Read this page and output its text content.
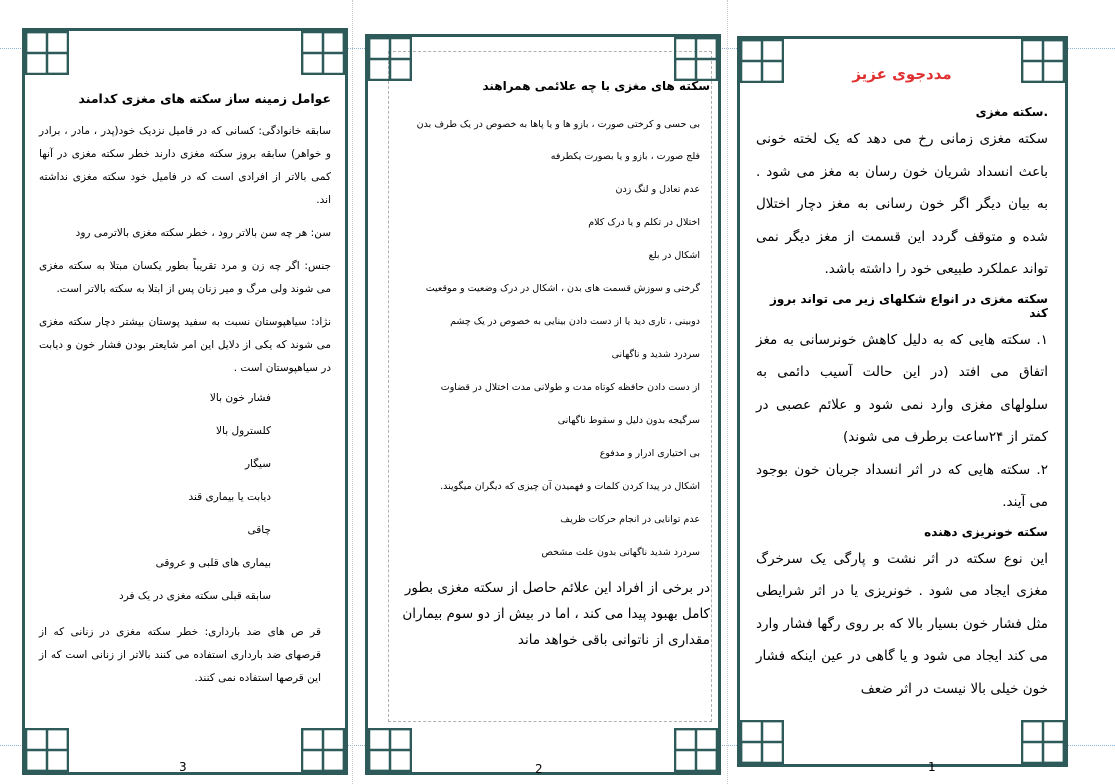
عوامل زمینه ساز سکته های مغزی کدامند
سابقه خانوادگی: کسانی که در فامیل نزدیک خود(پدر ، مادر ، برادر و خواهر) سابقه بروز سکته مغزی دارند خطر سکته مغزی در آنها کمی بالاتر از افرادی است که در فامیل خود سکته مغزی نداشته اند.
سن: هر چه سن بالاتر رود ، خطر سکته مغزی بالاترمی رود
جنس: اگر چه زن و مرد تقریباً بطور یکسان مبتلا به سکته مغزی می شوند ولی مرگ و میر زنان پس از ابتلا به سکته بالاتر است.
نژاد: سیاهپوستان نسبت به سفید پوستان بیشتر دچار سکته مغزی می شوند که یکی از دلایل این امر شایعتر بودن فشار خون و دیابت در سیاهپوستان است .
فشار خون بالا
کلسترول بالا
سیگار
دیابت یا بیماری قند
چاقی
بیماری های قلبی و عروقی
سابقه قبلی سکته مغزی در یک فرد
قر ص های ضد بارداری: خطر سکته مغزی در زنانی که از قرصهای ضد بارداری استفاده می کنند بالاتر از زنانی است که از این قرصها استفاده نمی کنند.
3
سکته های مغزی با چه علائمی همراهند
بی حسی و کرختی صورت ، بازو ها و یا پاها به خصوص در یک طرف بدن
فلج صورت ، بازو و یا بصورت یکطرفه
عدم تعادل و لنگ زدن
اختلال در تکلم و یا درک کلام
اشکال در بلع
گرختی و سوزش قسمت های بدن ، اشکال در درک وضعیت و موقعیت
دوبینی ، تاری دید یا از دست دادن بینایی به خصوص در یک چشم
سردرد شدید و ناگهانی
از دست دادن حافظه کوتاه مدت و طولانی مدت اختلال در قضاوت
سرگیجه بدون دلیل و سقوط ناگهانی
بی اختیاری ادرار و مدفوع
اشکال در پیدا کردن کلمات و فهمیدن آن چیزی که دیگران میگویند.
عدم توانایی در انجام حرکات ظریف
سردرد شدید ناگهانی بدون علت مشخص
در برخی از افراد این علائم حاصل از سکته مغزی بطور کامل بهبود پیدا می کند ، اما در بیش از دو سوم بیماران مقداری از ناتوانی باقی خواهد ماند
2
مددجوی عزیز
.سکته مغزی
سکته مغزی زمانی رخ می دهد که یک لخته خونی باعث انسداد شریان خون رسان به مغز می شود . به بیان دیگر اگر خون رسانی به مغز دچار اختلال شده و متوقف گردد این قسمت از مغز دیگر نمی تواند عملکرد طبیعی خود را داشته باشد.
سکته مغزی در انواع شکلهای زیر می تواند بروز کند
۱. سکته هایی که به دلیل کاهش خونرسانی به مغز اتفاق می افتد (در این حالت آسیب دائمی به سلولهای مغزی وارد نمی شود و علائم عصبی در کمتر از ۲۴ساعت برطرف می شوند)
۲. سکته هایی که در اثر انسداد جریان خون بوجود می آیند.
سکته خونریزی دهنده
این نوع سکته در اثر نشت و پارگی یک سرخرگ مغزی ایجاد می شود . خونریزی یا در اثر شرایطی مثل فشار خون بسیار بالا که بر روی رگها فشار وارد می کند ایجاد می شود و یا گاهی در عین اینکه فشار خون خیلی بالا نیست در اثر ضعف
1
